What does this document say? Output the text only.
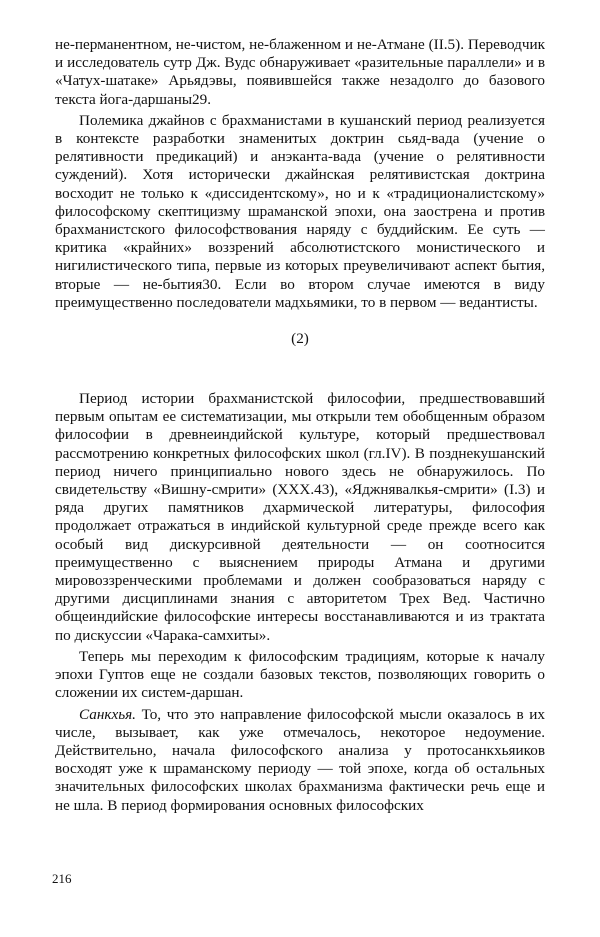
не-перманентном, не-чистом, не-блаженном и не-Атмане (II.5). Переводчик и исследователь сутр Дж. Вудс обнаруживает «разительные параллели» и в «Чатух-шатаке» Арьядэвы, появившейся также незадолго до базового текста йога-даршаны29.

Полемика джайнов с брахманистами в кушанский период реализуется в контексте разработки знаменитых доктрин сьяд-вада (учение о релятивности предикаций) и анэканта-вада (учение о релятивности суждений). Хотя исторически джайнская релятивистская доктрина восходит не только к «диссидентскому», но и к «традиционалистскому» философскому скептицизму шраманской эпохи, она заострена и против брахманистского философствования наряду с буддийским. Ее суть — критика «крайних» воззрений абсолютистского монистического и нигилистического типа, первые из которых преувеличивают аспект бытия, вторые — не-бытия30. Если во втором случае имеются в виду преимущественно последователи мадхьямики, то в первом — ведантисты.

(2)

Период истории брахманистской философии, предшествовавший первым опытам ее систематизации, мы открыли тем обобщенным образом философии в древнеиндийской культуре, который предшествовал рассмотрению конкретных философских школ (гл.IV). В позднекушанский период ничего принципиально нового здесь не обнаружилось. По свидетельству «Вишну-смрити» (XXX.43), «Яджнявалкья-смрити» (I.3) и ряда других памятников дхармической литературы, философия продолжает отражаться в индийской культурной среде прежде всего как особый вид дискурсивной деятельности — он соотносится преимущественно с выяснением природы Атмана и другими мировоззренческими проблемами и должен сообразоваться наряду с другими дисциплинами знания с авторитетом Трех Вед. Частично общеиндийские философские интересы восстанавливаются и из трактата по дискуссии «Чарака-самхиты».

Теперь мы переходим к философским традициям, которые к началу эпохи Гуптов еще не создали базовых текстов, позволяющих говорить о сложении их систем-даршан.

Санкхья. То, что это направление философской мысли оказалось в их числе, вызывает, как уже отмечалось, некоторое недоумение. Действительно, начала философского анализа у протосанкхьяиков восходят уже к шраманскому периоду — той эпохе, когда об остальных значительных философских школах брахманизма фактически речь еще и не шла. В период формирования основных философских

216
